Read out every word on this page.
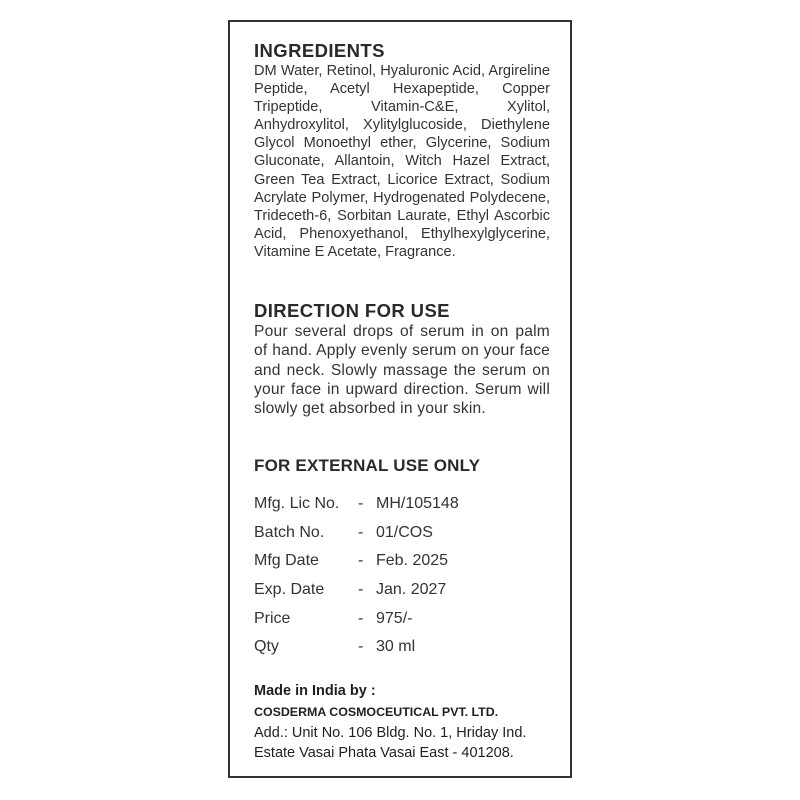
INGREDIENTS

DM Water, Retinol, Hyaluronic Acid, Argireline Peptide, Acetyl Hexapeptide, Copper Tripeptide, Vitamin-C&E, Xylitol, Anhydroxylitol, Xylitylglucoside, Diethylene Glycol Monoethyl ether, Glycerine, Sodium Gluconate, Allantoin, Witch Hazel Extract, Green Tea Extract, Licorice Extract, Sodium Acrylate Polymer, Hydrogenated Polydecene, Trideceth-6, Sorbitan Laurate, Ethyl Ascorbic Acid, Phenoxyethanol, Ethylhexylglycerine, Vitamine E Acetate, Fragrance.

DIRECTION FOR USE

Pour several drops of serum in on palm of hand. Apply evenly serum on your face and neck. Slowly massage the serum on your face in upward direction. Serum will slowly get absorbed in your skin.

FOR EXTERNAL USE ONLY

Mfg. Lic No. - MH/105148
Batch No. - 01/COS
Mfg Date - Feb. 2025
Exp. Date - Jan. 2027
Price	- 975/-
Qty	- 30 ml

Made in India by :

COSDERMA COSMOCEUTICAL PVT. LTD.

Add.: Unit No. 106 Bldg. No. 1, Hriday Ind.

Estate Vasai Phata Vasai East - 401208.
